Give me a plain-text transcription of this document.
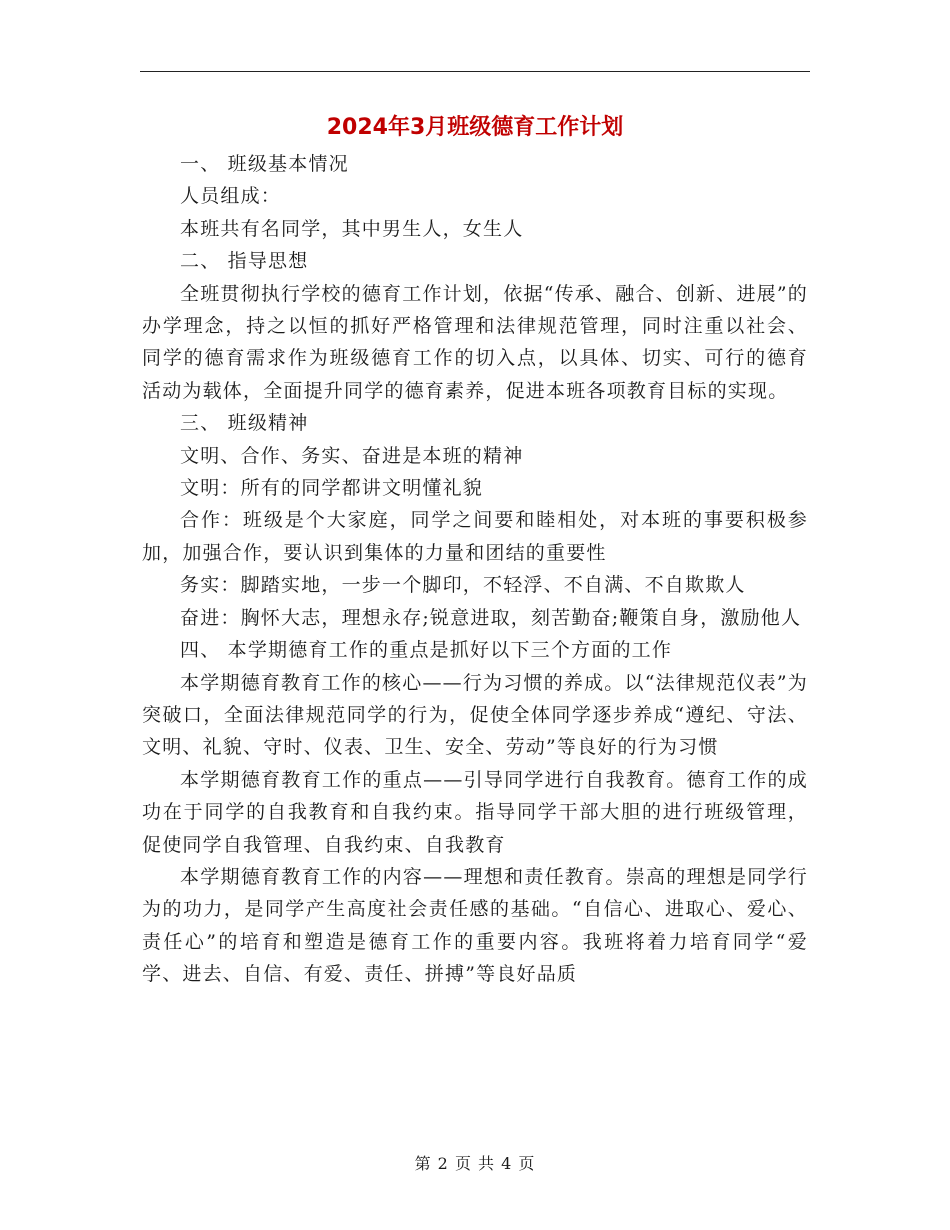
2024年3月班级德育工作计划

一、 班级基本情况

人员组成：

本班共有名同学，其中男生人，女生人

二、 指导思想

全班贯彻执行学校的德育工作计划，依据“传承、融合、创新、进展”的办学理念，持之以恒的抓好严格管理和法律规范管理，同时注重以社会、同学的德育需求作为班级德育工作的切入点，以具体、切实、可行的德育活动为载体，全面提升同学的德育素养，促进本班各项教育目标的实现。

三、 班级精神

文明、合作、务实、奋进是本班的精神

文明：所有的同学都讲文明懂礼貌

合作：班级是个大家庭，同学之间要和睦相处，对本班的事要积极参加，加强合作，要认识到集体的力量和团结的重要性

务实：脚踏实地，一步一个脚印，不轻浮、不自满、不自欺欺人

奋进：胸怀大志，理想永存;锐意进取，刻苦勤奋;鞭策自身，激励他人

四、 本学期德育工作的重点是抓好以下三个方面的工作

本学期德育教育工作的核心——行为习惯的养成。以“法律规范仪表”为突破口，全面法律规范同学的行为，促使全体同学逐步养成“遵纪、守法、文明、礼貌、守时、仪表、卫生、安全、劳动”等良好的行为习惯

本学期德育教育工作的重点——引导同学进行自我教育。德育工作的成功在于同学的自我教育和自我约束。指导同学干部大胆的进行班级管理，促使同学自我管理、自我约束、自我教育

本学期德育教育工作的内容——理想和责任教育。崇高的理想是同学行为的功力，是同学产生高度社会责任感的基础。“自信心、进取心、爱心、责任心”的培育和塑造是德育工作的重要内容。我班将着力培育同学“爱学、进去、自信、有爱、责任、拼搏”等良好品质

第 2 页 共 4 页
